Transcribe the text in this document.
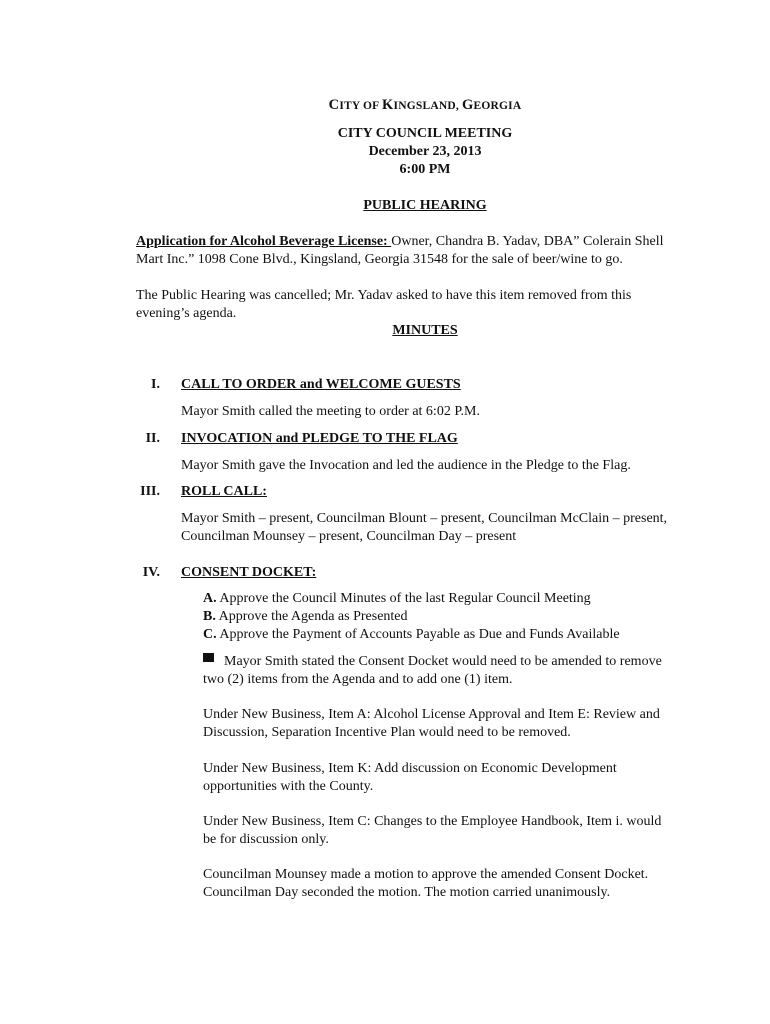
CITY OF KINGSLAND, GEORGIA
CITY COUNCIL MEETING
December 23, 2013
6:00 PM
PUBLIC HEARING
Application for Alcohol Beverage License: Owner, Chandra B. Yadav, DBA” Colerain Shell
Mart Inc.” 1098 Cone Blvd., Kingsland, Georgia 31548 for the sale of beer/wine to go.
The Public Hearing was cancelled; Mr. Yadav asked to have this item removed from this
evening’s agenda.
MINUTES
I. CALL TO ORDER and WELCOME GUESTS
Mayor Smith called the meeting to order at 6:02 P.M.
II. INVOCATION and PLEDGE TO THE FLAG
Mayor Smith gave the Invocation and led the audience in the Pledge to the Flag.
III. ROLL CALL:
Mayor Smith – present, Councilman Blount – present, Councilman McClain – present,
Councilman Mounsey – present, Councilman Day – present
IV. CONSENT DOCKET:
A. Approve the Council Minutes of the last Regular Council Meeting
B. Approve the Agenda as Presented
C. Approve the Payment of Accounts Payable as Due and Funds Available
Mayor Smith stated the Consent Docket would need to be amended to remove
two (2) items from the Agenda and to add one (1) item.
Under New Business, Item A: Alcohol License Approval and Item E: Review and
Discussion, Separation Incentive Plan would need to be removed.
Under New Business, Item K: Add discussion on Economic Development
opportunities with the County.
Under New Business, Item C: Changes to the Employee Handbook, Item i. would
be for discussion only.
Councilman Mounsey made a motion to approve the amended Consent Docket.
Councilman Day seconded the motion. The motion carried unanimously.
